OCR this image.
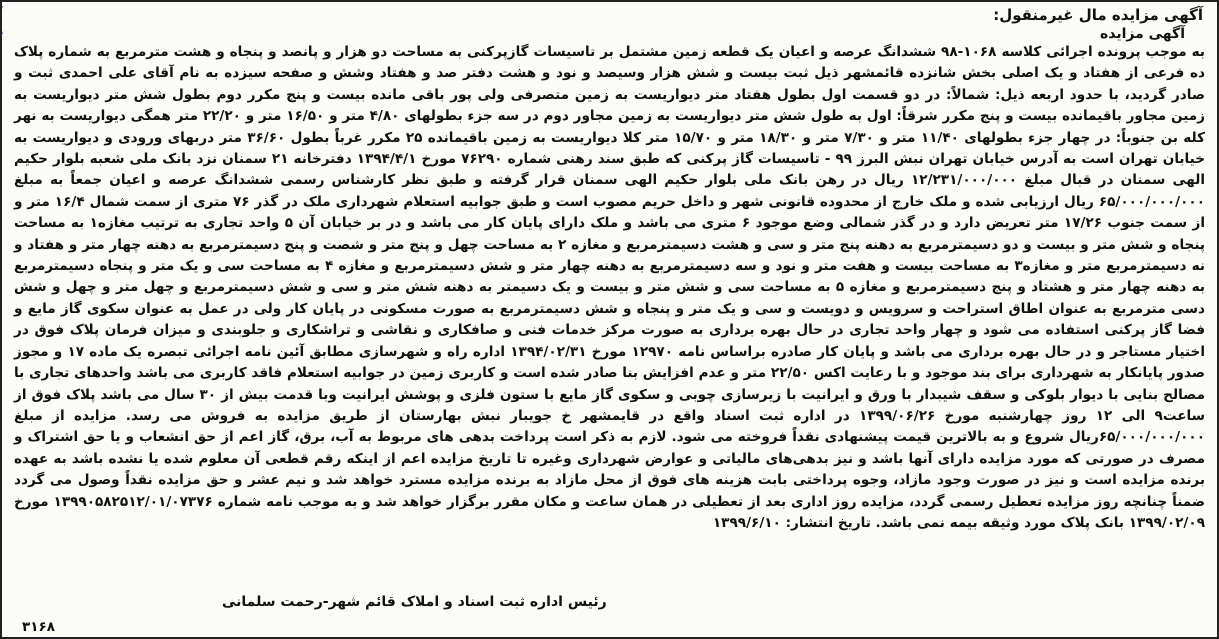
آگهی مزایده مال غیرمنقول:
آگهی مزایده
به موجب پرونده اجرائی کلاسه ۱۰۶۸-۹۸ ششدانگ عرصه و اعیان یک قطعه زمین مشتمل بر تاسیسات گازپرکنی به مساحت دو هزار و پانصد و پنجاه و هشت مترمربع به شماره پلاک ده فرعی از هفتاد و یک اصلی بخش شانزده قائمشهر ذیل ثبت بیست و شش هزار وسیصد و نود و هشت دفتر صد و هفتاد وشش و صفحه سیزده به نام آقای علی احمدی ثبت و صادر گردید، با حدود اربعه ذیل: شمالاً: در دو قسمت اول بطول هفتاد متر دیواریست به زمین متصرفی ولی پور باقی مانده بیست و پنج مکرر دوم بطول شش متر دیواریست به زمین مجاور باقیمانده بیست و پنج مکرر شرقاً: اول به طول شش متر دیواریست به زمین مجاور دوم در سه جزء بطولهای ۴/۸۰ متر و ۱۶/۵۰ متر و ۲۲/۲۰ متر همگی دیواریست به نهر کله بن جنوباً: در چهار جزء بطولهای ۱۱/۴۰ متر و ۷/۳۰ متر و ۱۸/۳۰ متر و ۱۵/۷۰ متر کلا دیواریست به زمین باقیمانده ۲۵ مکرر غرباً بطول ۳۶/۶۰ متر دربهای ورودی و دیواریست به خیابان تهران است به آدرس خیابان تهران نبش البرز ۹۹ - تاسیسات گاز پرکنی که طبق سند رهنی شماره ۷۶۲۹۰ مورخ ۱۳۹۴/۴/۱ دفترخانه ۲۱ سمنان نزد بانک ملی شعبه بلوار حکیم الهی سمنان در قبال مبلغ ۱۲/۲۳۱/۰۰۰/۰۰۰ ریال در رهن بانک ملی بلوار حکیم الهی سمنان قرار گرفته و طبق نظر کارشناس رسمی ششدانگ عرصه و اعیان جمعاً به مبلغ ۶۵/۰۰۰/۰۰۰/۰۰۰ ریال ارزیابی شده و ملک خارج از محدوده قانونی شهر و داخل حریم مصوب است و طبق جوابیه استعلام شهرداری ملک در گذر ۷۶ متری از سمت شمال ۱۶/۴ متر و از سمت جنوب ۱۷/۲۶ متر تعریض دارد و در گذر شمالی وضع موجود ۶ متری می باشد و ملک دارای پایان کار می باشد و در بر خیابان آن ۵ واحد تجاری به ترتیب مغازه۱ به مساحت پنجاه و شش متر و بیست و دو دسیمترمربع به دهنه پنج متر و سی و هشت دسیمترمربع و مغازه ۲ به مساحت چهل و پنج متر و شصت و پنج دسیمترمربع به دهنه چهار متر و هفتاد و نه دسیمترمربع متر و مغازه۳ به مساحت بیست و هفت متر و نود و سه دسیمترمربع به دهنه چهار متر و شش دسیمترمربع و مغازه ۴ به مساحت سی و یک متر و پنجاه دسیمترمربع به دهنه چهار متر و هشتاد و پنج دسیمترمربع و مغازه ۵ به مساحت سی و شش متر و بیست و یک دسیمتر به دهنه شش متر و سی و شش دسیمترمربع و چهل متر و چهل و شش دسی مترمربع به عنوان اطاق استراحت و سرویس و دویست و سی و یک متر و پنجاه و شش دسیمترمربع به صورت مسکونی در پایان کار ولی در عمل به عنوان سکوی گاز مایع و فضا گاز پرکنی استفاده می شود و چهار واحد تجاری در حال بهره برداری به صورت مرکز خدمات فنی و صافکاری و نقاشی و تراشکاری و جلوبندی و میزان فرمان پلاک فوق در اختیار مستاجر و در حال بهره برداری می باشد و پایان کار صادره براساس نامه ۱۲۹۷۰ مورخ ۱۳۹۴/۰۲/۳۱ اداره راه و شهرسازی مطابق آئین نامه اجرائی تبصره یک ماده ۱۷ و مجوز صدور پایانکار به شهرداری برای بند موجود و با رعایت اکس ۲۲/۵۰ متر و عدم افزایش بنا صادر شده است و کاربری زمین در جوابیه استعلام فاقد کاربری می باشد واحدهای تجاری با مصالح بنایی با دیوار بلوکی و سقف شیبدار با ورق و ایرانیت با زیرسازی چوبی و سکوی گاز مایع با ستون فلزی و پوشش ایرانیت وبا قدمت بیش از ۳۰ سال می باشد پلاک فوق از ساعت۹ الی ۱۲ روز چهارشنبه مورخ ۱۳۹۹/۰۶/۲۶ در اداره ثبت اسناد واقع در قایمشهر خ جویبار نبش بهارستان از طریق مزایده به فروش می رسد. مزایده از مبلغ ۶۵/۰۰۰/۰۰۰/۰۰۰ریال شروع و به بالاترین قیمت پیشنهادی نقداً فروخته می شود. لازم به ذکر است پرداخت بدهی های مربوط به آب، برق، گاز اعم از حق انشعاب و یا حق اشتراک و مصرف در صورتی که مورد مزایده دارای آنها باشد و نیز بدهی‌های مالیاتی و عوارض شهرداری وغیره تا تاریخ مزایده اعم از اینکه رقم قطعی آن معلوم شده یا نشده باشد به عهده برنده مزایده است و نیز در صورت وجود مازاد، وجوه پرداختی بابت هزینه های فوق از محل مازاد به برنده مزایده مسترد خواهد شد و نیم عشر و حق مزایده نقداً وصول می گردد ضمناً چنانچه روز مزایده تعطیل رسمی گردد، مزایده روز اداری بعد از تعطیلی در همان ساعت و مکان مقرر برگزار خواهد شد و به موجب نامه شماره ۱۳۹۹۰۵۸۲۵۱۲/۰۱/۰۷۳۷۶ مورخ ۱۳۹۹/۰۲/۰۹ بانک پلاک مورد وثیقه بیمه نمی باشد. تاریخ انتشار: ۱۳۹۹/۶/۱۰
رئیس اداره ثبت اسناد و املاک قائم شهر-رحمت سلمانی
۳۱۶۸
